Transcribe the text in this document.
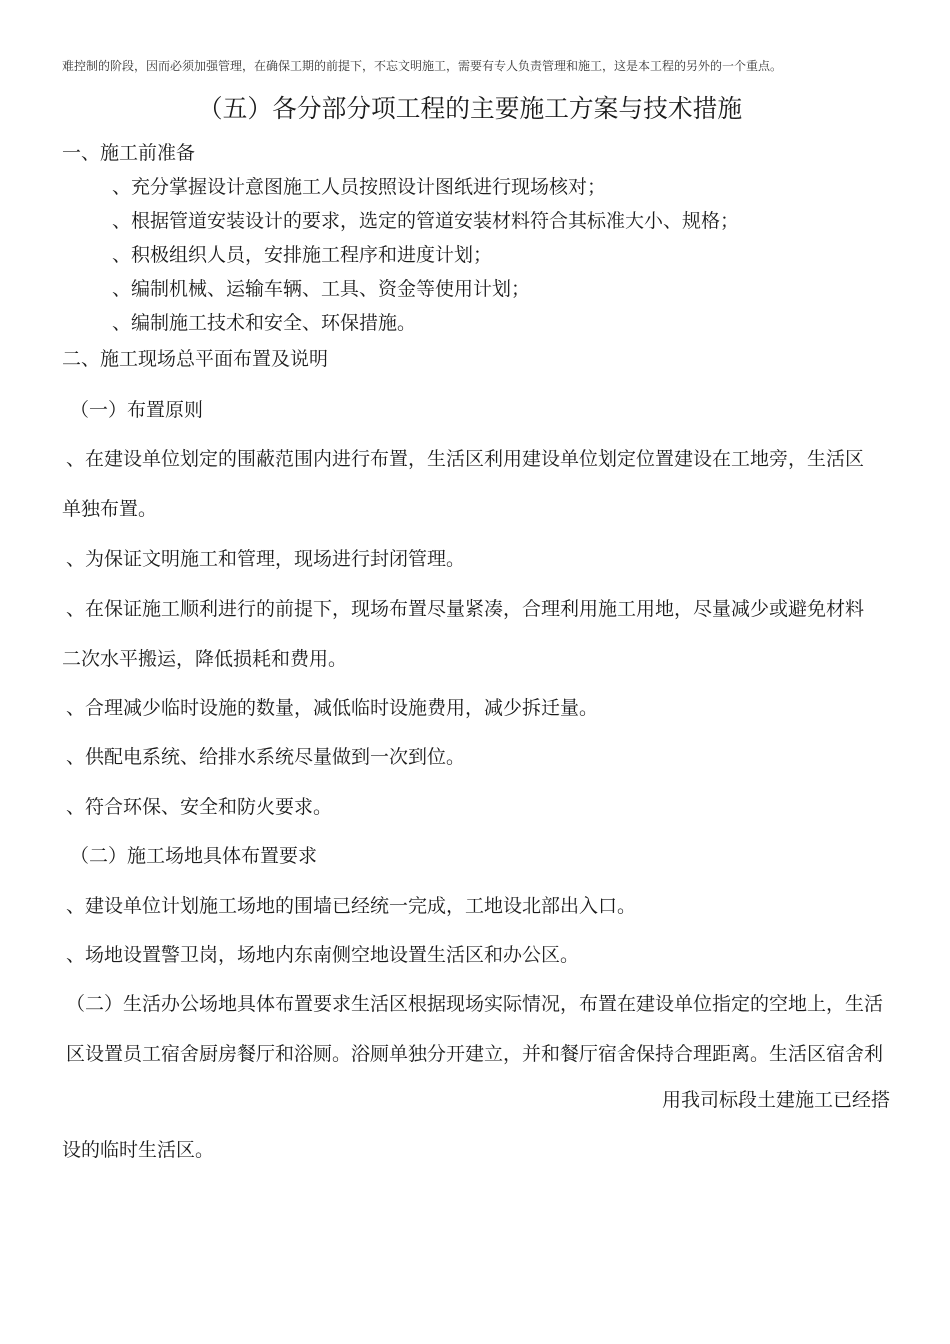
难控制的阶段，因而必须加强管理，在确保工期的前提下，不忘文明施工，需要有专人负责管理和施工，这是本工程的另外的一个重点。
（五）各分部分项工程的主要施工方案与技术措施
一、施工前准备
、充分掌握设计意图施工人员按照设计图纸进行现场核对；
、根据管道安装设计的要求，选定的管道安装材料符合其标准大小、规格；
、积极组织人员，安排施工程序和进度计划；
、编制机械、运输车辆、工具、资金等使用计划；
、编制施工技术和安全、环保措施。
二、施工现场总平面布置及说明
（一）布置原则
、在建设单位划定的围蔽范围内进行布置，生活区利用建设单位划定位置建设在工地旁，生活区
单独布置。
、为保证文明施工和管理，现场进行封闭管理。
、在保证施工顺利进行的前提下，现场布置尽量紧凑，合理利用施工用地，尽量减少或避免材料
二次水平搬运，降低损耗和费用。
、合理减少临时设施的数量，减低临时设施费用，减少拆迁量。
、供配电系统、给排水系统尽量做到一次到位。
、符合环保、安全和防火要求。
（二）施工场地具体布置要求
、建设单位计划施工场地的围墙已经统一完成，工地设北部出入口。
、场地设置警卫岗，场地内东南侧空地设置生活区和办公区。
（二）生活办公场地具体布置要求生活区根据现场实际情况，布置在建设单位指定的空地上，生活
区设置员工宿舍厨房餐厅和浴厕。浴厕单独分开建立，并和餐厅宿舍保持合理距离。生活区宿舍利
用我司标段土建施工已经搭
设的临时生活区。
